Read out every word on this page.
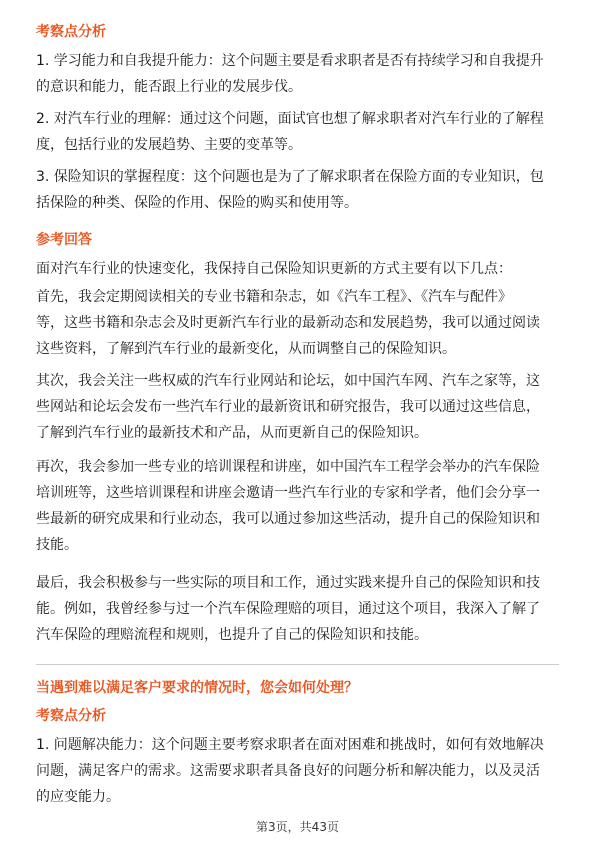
考察点分析
1. 学习能力和自我提升能力：这个问题主要是看求职者是否有持续学习和自我提升
的意识和能力，能否跟上行业的发展步伐。
2. 对汽车行业的理解：通过这个问题，面试官也想了解求职者对汽车行业的了解程
度，包括行业的发展趋势、主要的变革等。
3. 保险知识的掌握程度：这个问题也是为了了解求职者在保险方面的专业知识，包
括保险的种类、保险的作用、保险的购买和使用等。
参考回答
面对汽车行业的快速变化，我保持自己保险知识更新的方式主要有以下几点：
首先，我会定期阅读相关的专业书籍和杂志，如《汽车工程》、《汽车与配件》
等，这些书籍和杂志会及时更新汽车行业的最新动态和发展趋势，我可以通过阅读
这些资料，了解到汽车行业的最新变化，从而调整自己的保险知识。
其次，我会关注一些权威的汽车行业网站和论坛，如中国汽车网、汽车之家等，这
些网站和论坛会发布一些汽车行业的最新资讯和研究报告，我可以通过这些信息，
了解到汽车行业的最新技术和产品，从而更新自己的保险知识。
再次，我会参加一些专业的培训课程和讲座，如中国汽车工程学会举办的汽车保险
培训班等，这些培训课程和讲座会邀请一些汽车行业的专家和学者，他们会分享一
些最新的研究成果和行业动态，我可以通过参加这些活动，提升自己的保险知识和
技能。
最后，我会积极参与一些实际的项目和工作，通过实践来提升自己的保险知识和技
能。例如，我曾经参与过一个汽车保险理赔的项目，通过这个项目，我深入了解了
汽车保险的理赔流程和规则，也提升了自己的保险知识和技能。
当遇到难以满足客户要求的情况时，您会如何处理？
考察点分析
1. 问题解决能力：这个问题主要考察求职者在面对困难和挑战时，如何有效地解决
问题，满足客户的需求。这需要求职者具备良好的问题分析和解决能力，以及灵活
的应变能力。
第3页，共43页
